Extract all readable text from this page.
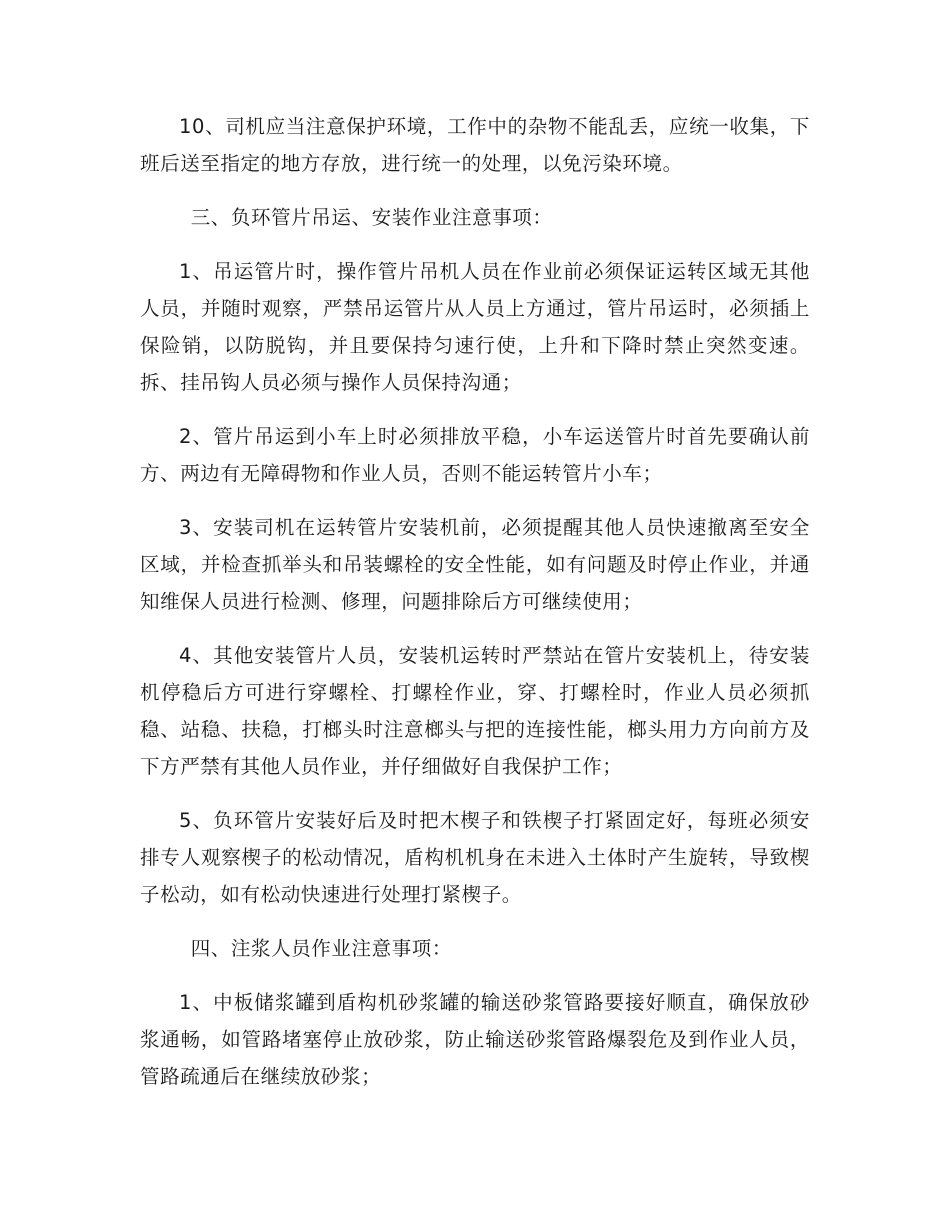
10、司机应当注意保护环境，工作中的杂物不能乱丢，应统一收集，下班后送至指定的地方存放，进行统一的处理，以免污染环境。

三、负环管片吊运、安装作业注意事项：

1、吊运管片时，操作管片吊机人员在作业前必须保证运转区域无其他人员，并随时观察，严禁吊运管片从人员上方通过，管片吊运时，必须插上保险销，以防脱钩，并且要保持匀速行使，上升和下降时禁止突然变速。拆、挂吊钩人员必须与操作人员保持沟通；

2、管片吊运到小车上时必须排放平稳，小车运送管片时首先要确认前方、两边有无障碍物和作业人员，否则不能运转管片小车；

3、安装司机在运转管片安装机前，必须提醒其他人员快速撤离至安全区域，并检查抓举头和吊装螺栓的安全性能，如有问题及时停止作业，并通知维保人员进行检测、修理，问题排除后方可继续使用；

4、其他安装管片人员，安装机运转时严禁站在管片安装机上，待安装机停稳后方可进行穿螺栓、打螺栓作业，穿、打螺栓时，作业人员必须抓稳、站稳、扶稳，打榔头时注意榔头与把的连接性能，榔头用力方向前方及下方严禁有其他人员作业，并仔细做好自我保护工作；

5、负环管片安装好后及时把木楔子和铁楔子打紧固定好，每班必须安排专人观察楔子的松动情况，盾构机机身在未进入土体时产生旋转，导致楔子松动，如有松动快速进行处理打紧楔子。

四、注浆人员作业注意事项：

1、中板储浆罐到盾构机砂浆罐的输送砂浆管路要接好顺直，确保放砂浆通畅，如管路堵塞停止放砂浆，防止输送砂浆管路爆裂危及到作业人员，管路疏通后在继续放砂浆；
